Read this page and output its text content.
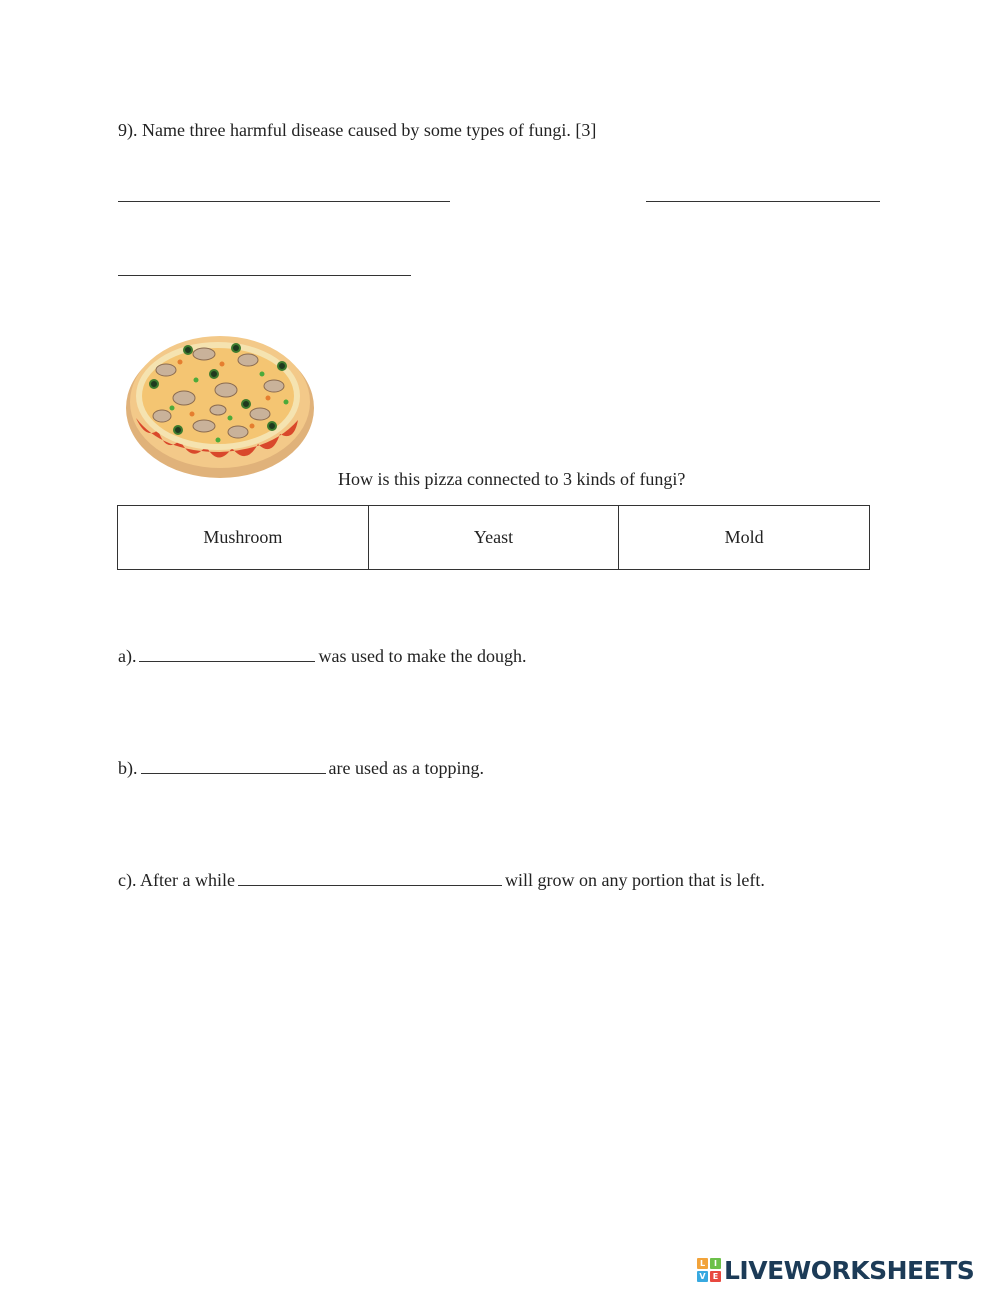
9). Name three harmful disease caused by some types of fungi. [3]
How is this pizza connected to 3 kinds of fungi?
Mushroom	Yeast	Mold
a).	was used to make the dough.
b).	are used as a topping.
c). After a while	will grow on any portion that is left.
L	I
V E LIVEWORKSHEETS
